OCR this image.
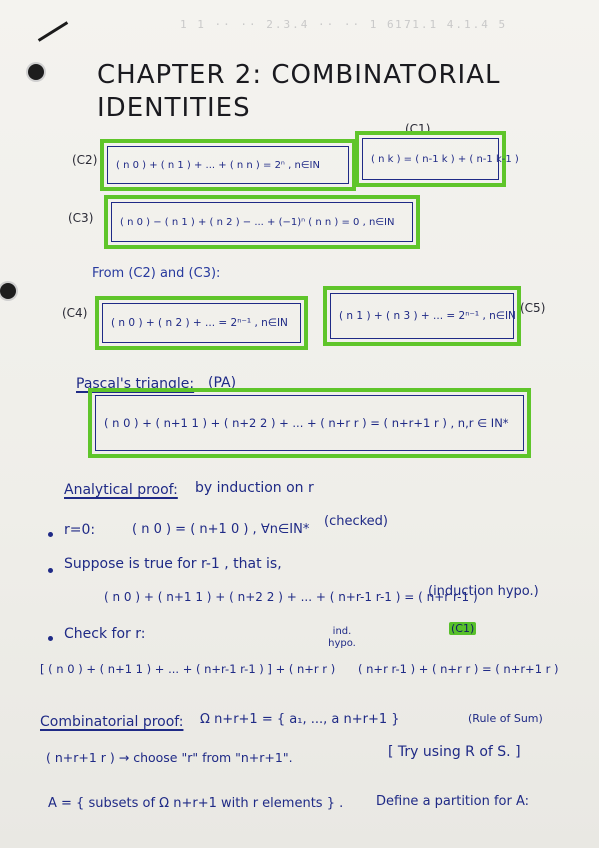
1 1 ·· ·· 2.3.4 ·· ·· 1 6 7
1.1.1 4.1.4 5
CHAPTER 2: COMBINATORIAL
IDENTITIES
(C1)
( n k ) = ( n-1 k ) + ( n-1 k-1 )
(C2)	( n 0 ) + ( n 1 ) + ... + ( n n ) = 2ⁿ , n∈IN
(C3)	( n 0 ) − ( n 1 ) + ( n 2 ) − ... + (−1)ⁿ ( n n ) = 0 , n∈IN
From (C2) and (C3):
(C4)
( n 0 ) + ( n 2 ) + ... = 2ⁿ⁻¹ , n∈IN
( n 1 ) + ( n 3 ) + ... = 2ⁿ⁻¹ , n∈IN
(C5)
Pascal's triangle: (PA)
( n 0 ) + ( n+1 1 ) + ( n+2 2 ) + ... + ( n+r r ) = ( n+r+1 r ) , n,r ∈ IN*
Analytical proof: by induction on r
r=0:	( n 0 ) = ( n+1 0 ) , ∀n∈IN*
(checked)
Suppose is true for r-1 , that is,
( n 0 ) + ( n+1 1 ) + ( n+2 2 ) + ... + ( n+r-1 r-1 ) = ( n+r r-1 )
(induction hypo.)
Check for r:
[ ( n 0 ) + ( n+1 1 ) + ... + ( n+r-1 r-1 ) ] + ( n+r r )
ind. hypo.
( n+r r-1 ) + ( n+r r ) = ( n+r+1 r )
(C1)
Combinatorial proof: Ω n+r+1 = { a₁, ..., a n+r+1 }	(Rule of Sum)
( n+r+1 r ) → choose "r" from "n+r+1".	[ Try using R of S. ]
A = { subsets of Ω n+r+1 with r elements } .	Define a partition for A:
